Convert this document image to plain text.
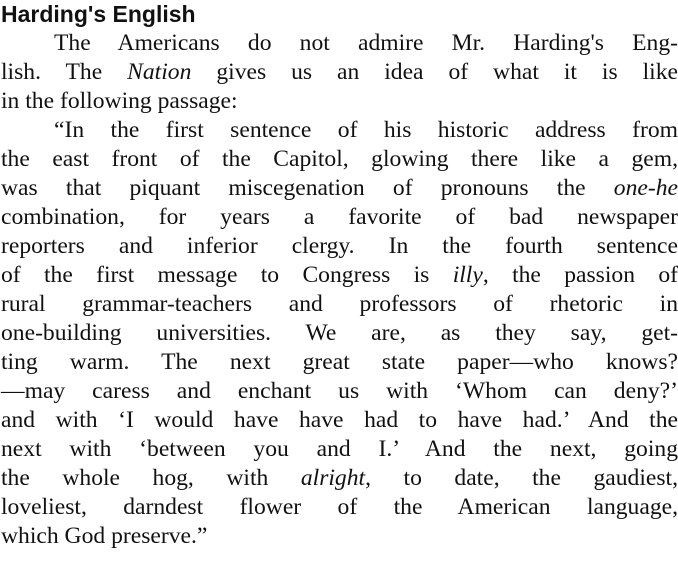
Harding's English
The Americans do not admire Mr. Harding's Eng-
lish. The Nation gives us an idea of what it is like
in the following passage:
“In the first sentence of his historic address from
the east front of the Capitol, glowing there like a gem,
was that piquant miscegenation of pronouns the one-he
combination, for years a favorite of bad newspaper
reporters and inferior clergy. In the fourth sentence
of the first message to Congress is illy, the passion of
rural grammar-teachers and professors of rhetoric in
one-building universities. We are, as they say, get-
ting warm. The next great state paper—who knows?
—may caress and enchant us with ‘Whom can deny?’
and with ‘I would have have had to have had.’ And the
next with ‘between you and I.’ And the next, going
the whole hog, with alright, to date, the gaudiest,
loveliest, darndest flower of the American language,
which God preserve.”
